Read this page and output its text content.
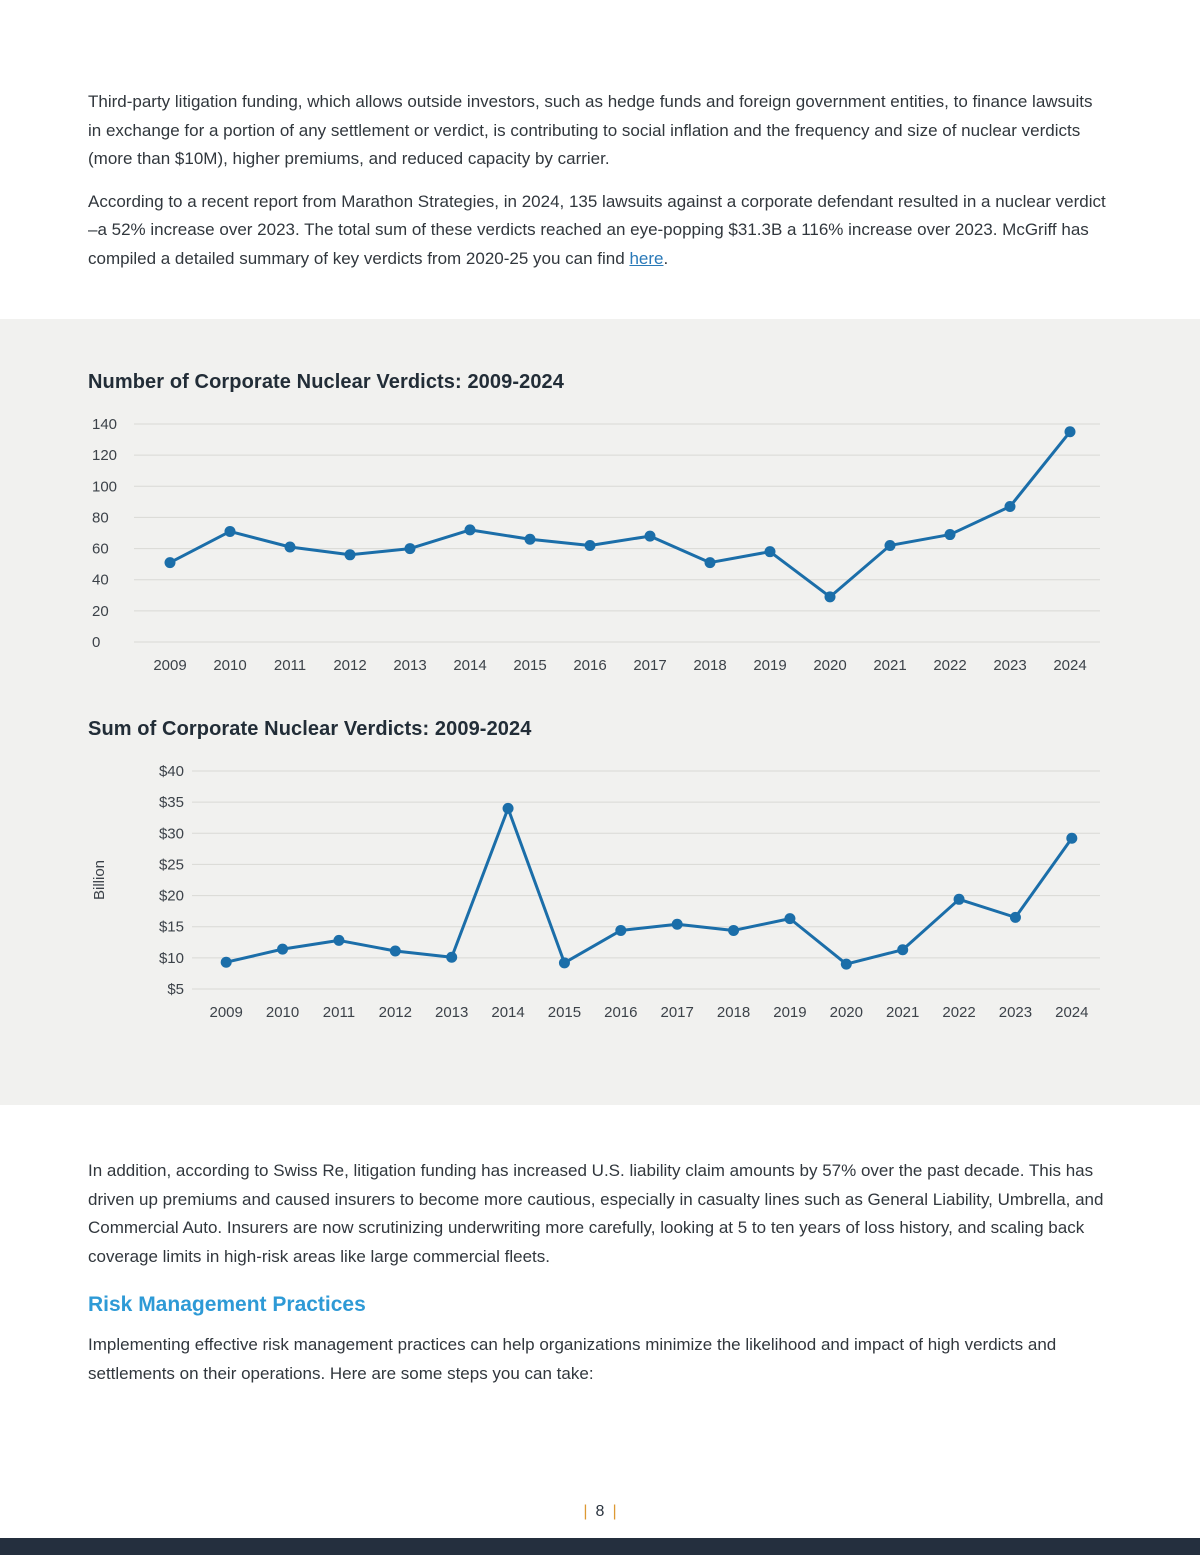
Third-party litigation funding, which allows outside investors, such as hedge funds and foreign government entities, to finance lawsuits in exchange for a portion of any settlement or verdict, is contributing to social inflation and the frequency and size of nuclear verdicts (more than $10M), higher premiums, and reduced capacity by carrier.

According to a recent report from Marathon Strategies, in 2024, 135 lawsuits against a corporate defendant resulted in a nuclear verdict –a 52% increase over 2023. The total sum of these verdicts reached an eye-popping $31.3B a 116% increase over 2023. McGriff has compiled a detailed summary of key verdicts from 2020-25 you can find here.

Number of Corporate Nuclear Verdicts: 2009-2024
0
20
40
60
80
100
120
140
2009 2010 2011 2012 2013 2014 2015 2016 2017 2018 2019 2020 2021 2022 2023 2024
Sum of Corporate Nuclear Verdicts: 2009-2024
$5
$10
$15
$20
$25
$30
$35
$40
Billion
2009 2010 2011 2012 2013 2014 2015 2016 2017 2018 2019 2020 2021 2022 2023 2024

In addition, according to Swiss Re, litigation funding has increased U.S. liability claim amounts by 57% over the past decade. This has driven up premiums and caused insurers to become more cautious, especially in casualty lines such as General Liability, Umbrella, and Commercial Auto. Insurers are now scrutinizing underwriting more carefully, looking at 5 to ten years of loss history, and scaling back coverage limits in high-risk areas like large commercial fleets.

Risk Management Practices

Implementing effective risk management practices can help organizations minimize the likelihood and impact of high verdicts and settlements on their operations. Here are some steps you can take:

| 8 |
